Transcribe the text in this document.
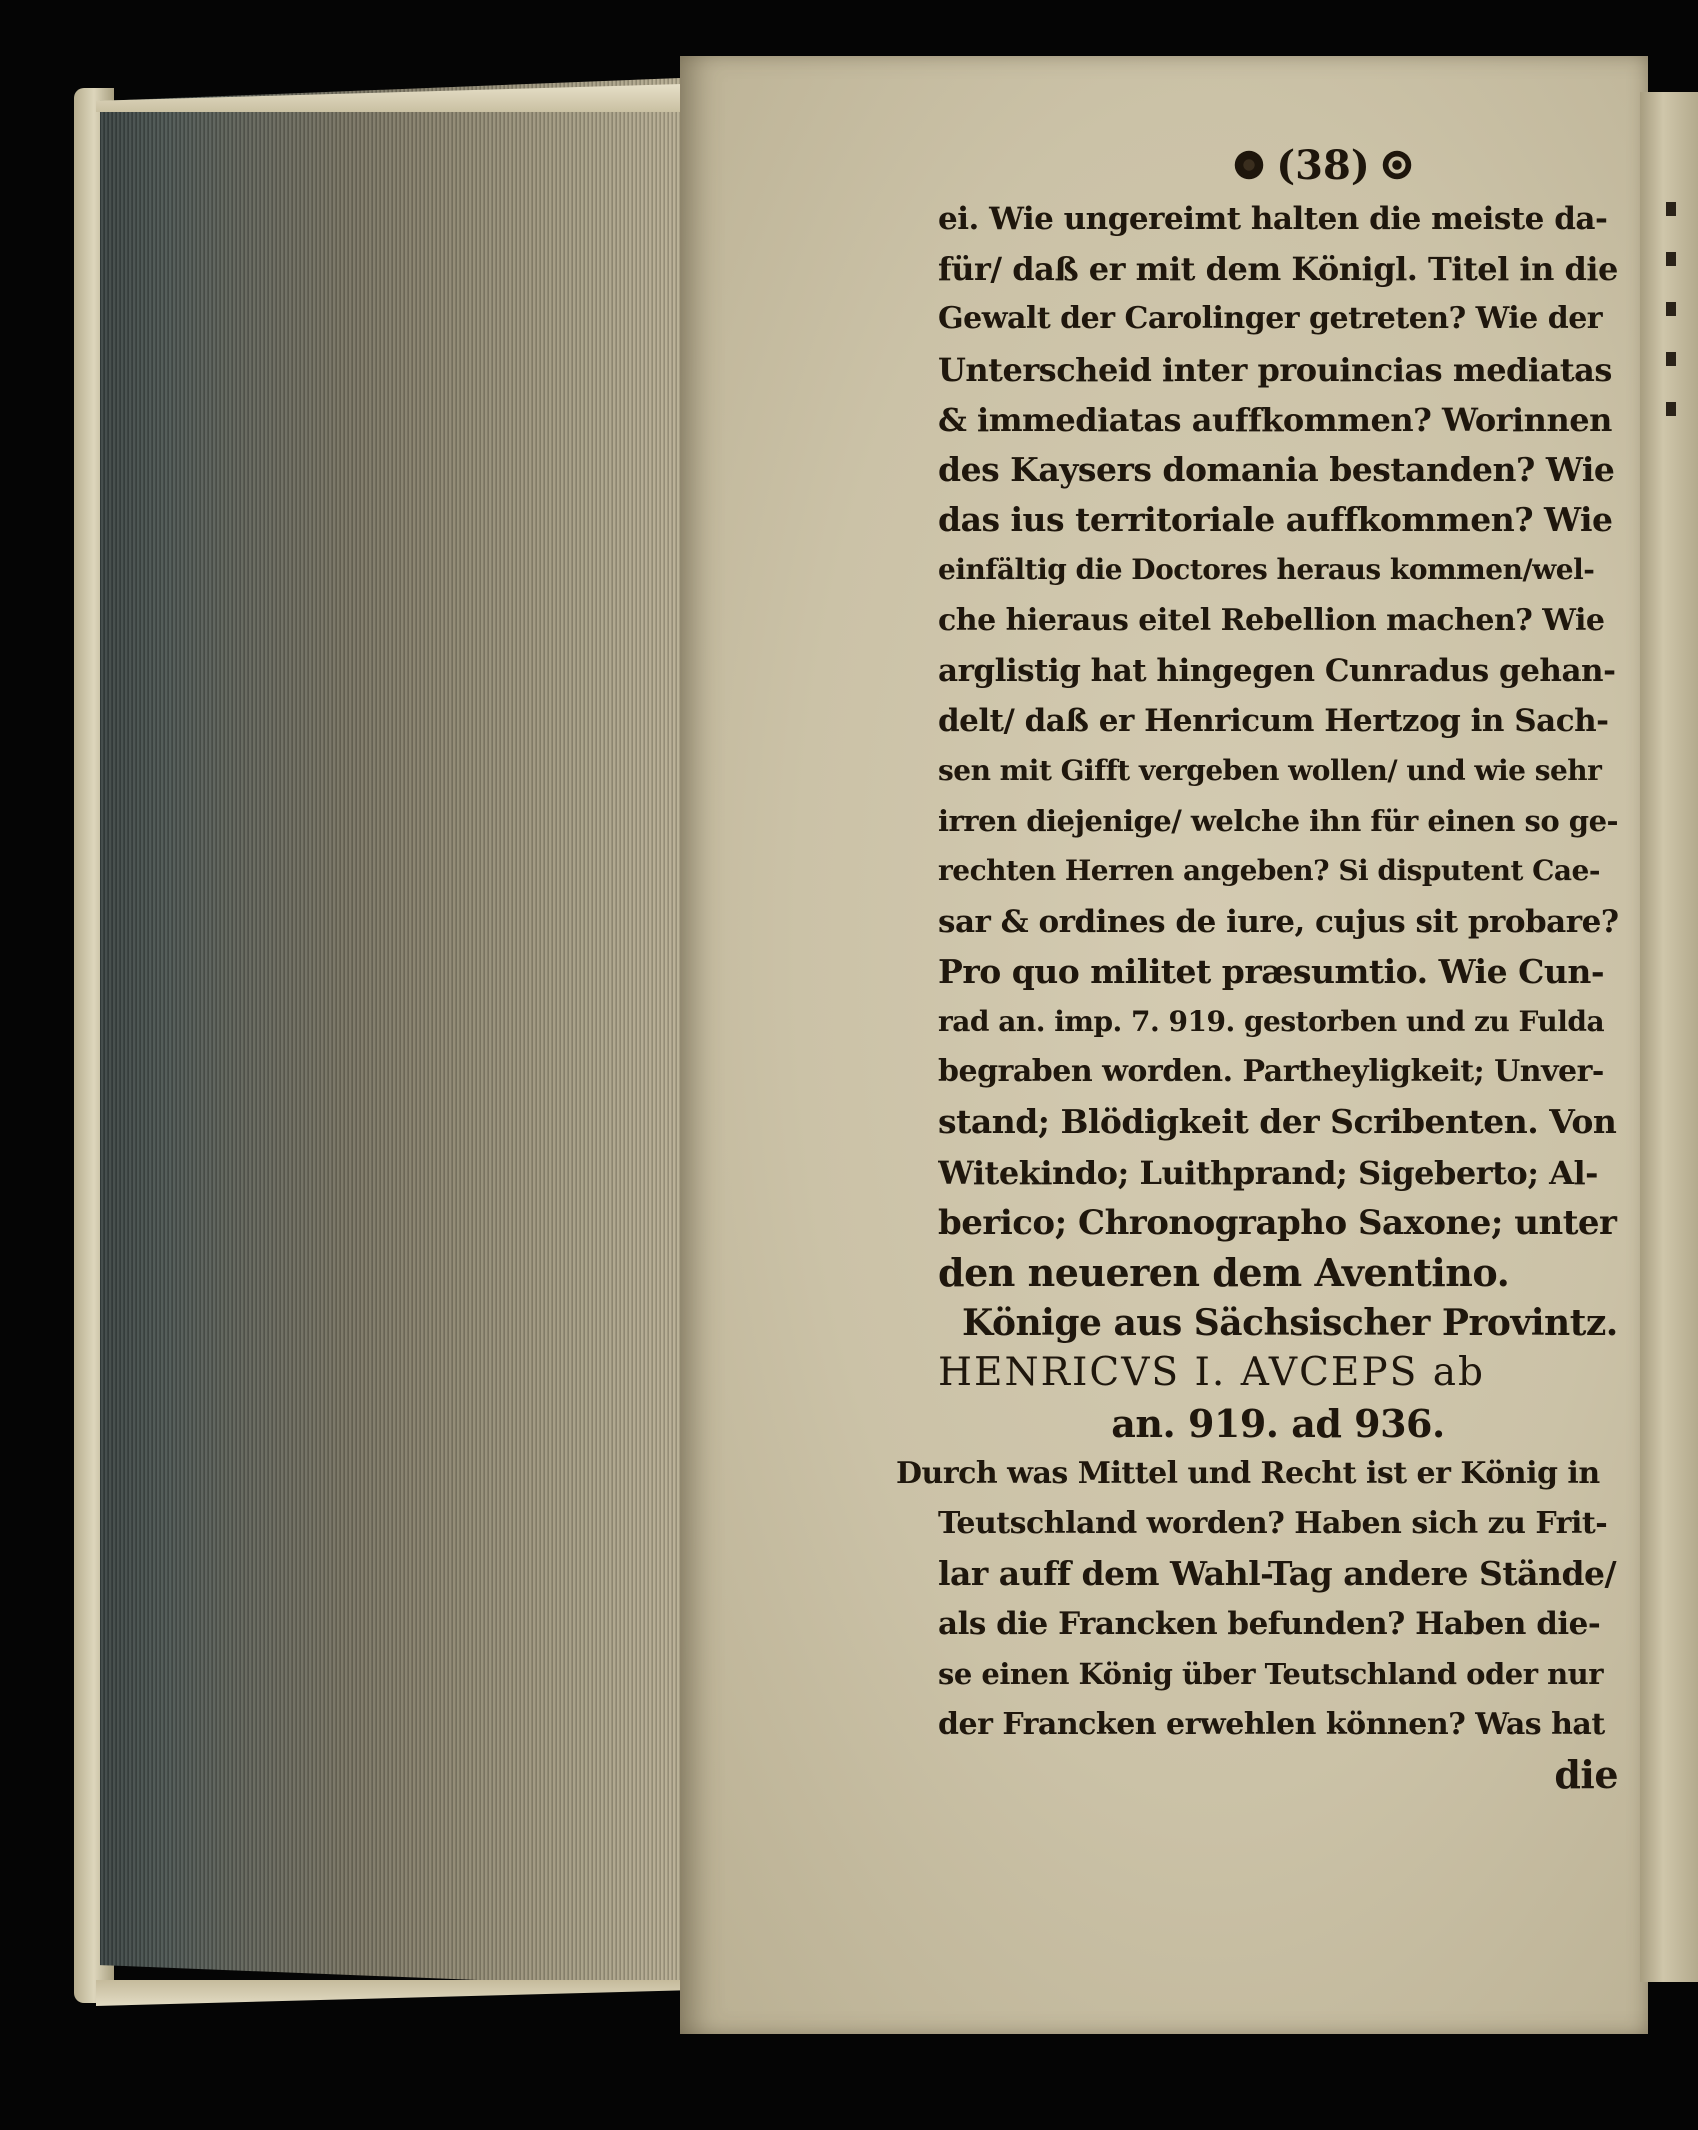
(38)
ei. Wie ungereimt halten die meiste da-
für/ daß er mit dem Königl. Titel in die
Gewalt der Carolinger getreten? Wie der
Unterscheid inter prouincias mediatas
& immediatas auffkommen? Worinnen
des Kaysers domania bestanden? Wie
das ius territoriale auffkommen? Wie
einfältig die Doctores heraus kommen/wel-
che hieraus eitel Rebellion machen? Wie
arglistig hat hingegen Cunradus gehan-
delt/ daß er Henricum Hertzog in Sach-
sen mit Gifft vergeben wollen/ und wie sehr
irren diejenige/ welche ihn für einen so ge-
rechten Herren angeben? Si disputent Cae-
sar & ordines de iure, cujus sit probare?
Pro quo militet præsumtio. Wie Cun-
rad an. imp. 7. 919. gestorben und zu Fulda
begraben worden. Partheyligkeit; Unver-
stand; Blödigkeit der Scribenten. Von
Witekindo; Luithprand; Sigeberto; Al-
berico; Chronographo Saxone; unter
den neueren dem Aventino.
Könige aus Sächsischer Provintz.
HENRICVS I. AVCEPS ab
an. 919. ad 936.
Durch was Mittel und Recht ist er König in
Teutschland worden? Haben sich zu Frit-
lar auff dem Wahl-Tag andere Stände/
als die Francken befunden? Haben die-
se einen König über Teutschland oder nur
der Francken erwehlen können? Was hat
die
